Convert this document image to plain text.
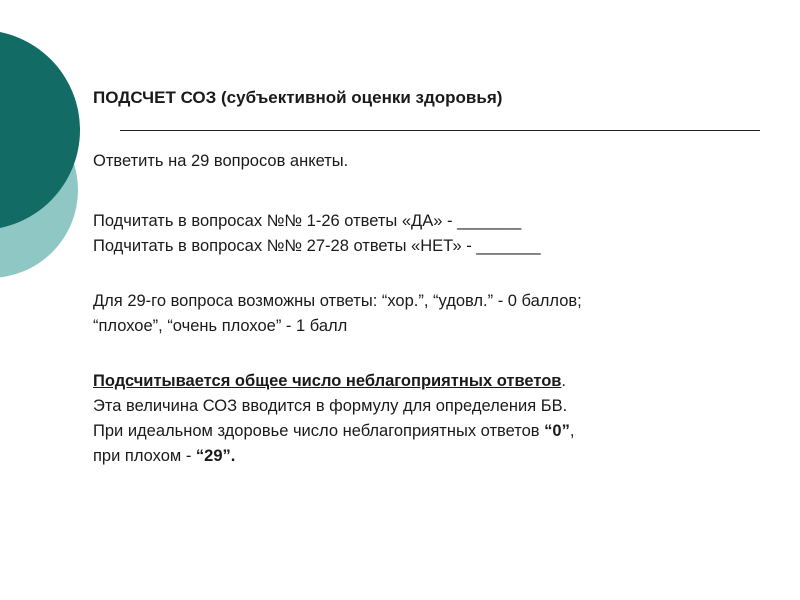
ПОДСЧЕТ СОЗ (субъективной оценки здоровья)
Ответить на 29 вопросов анкеты.
Подчитать в вопросах №№ 1-26 ответы «ДА» - _______
Подчитать в вопросах №№ 27-28 ответы «НЕТ» - _______
Для 29-го вопроса возможны ответы: “хор.”, “удовл.” - 0 баллов;
“плохое”, “очень плохое” - 1 балл
Подсчитывается общее число неблагоприятных ответов.
Эта величина СОЗ вводится в формулу для определения БВ.
При идеальном здоровье число неблагоприятных ответов “0”,
при плохом - “29”.
